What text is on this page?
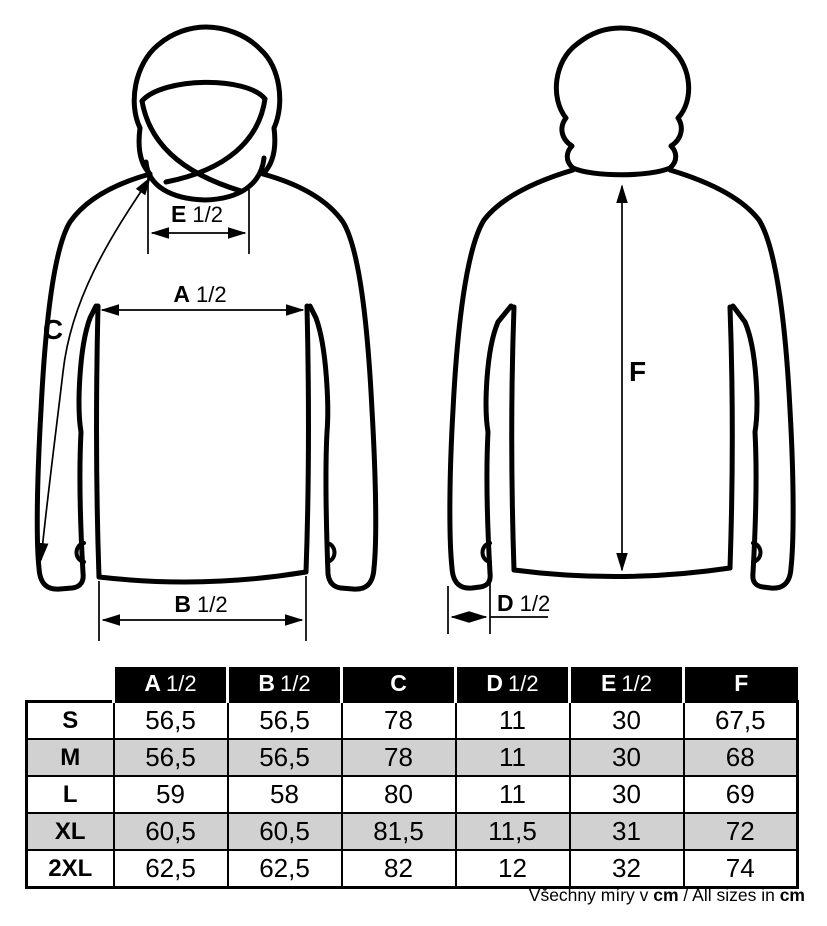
E 1/2
A 1/2
C
B 1/2
F
D 1/2
	A 1/2	B 1/2	C	D 1/2	E 1/2	F
S	56,5	56,5	78	11	30	67,5
M	56,5	56,5	78	11	30	68
L	59	58	80	11	30	69
XL	60,5	60,5	81,5	11,5	31	72
2XL	62,5	62,5	82	12	32	74
Všechny míry v cm / All sizes in cm
